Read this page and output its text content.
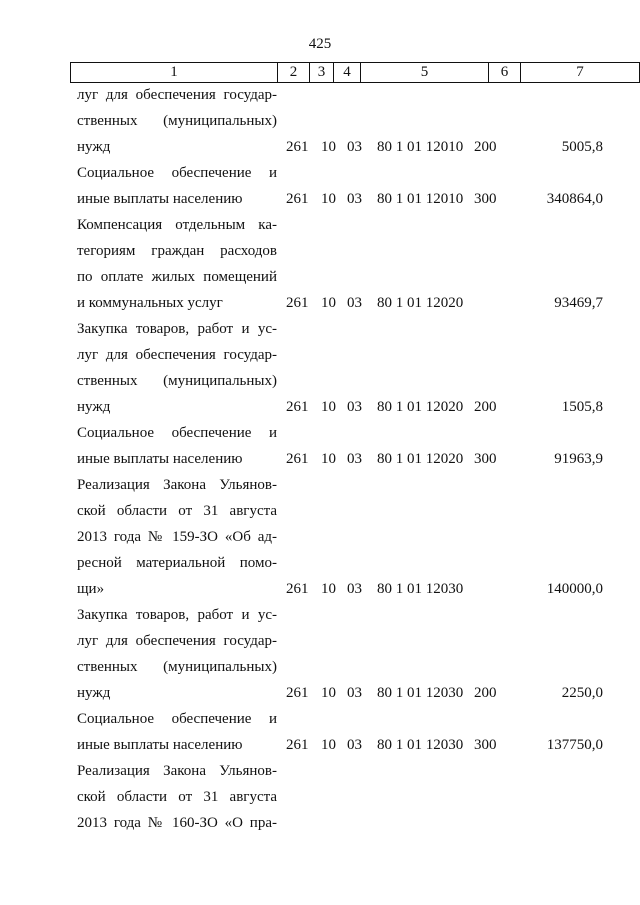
425
1	2	3	4	5	6	7
луг для обеспечения государ-
ственных (муниципальных)
нужд	261 10 03 80 1 01 12010 200	5005,8
Социальное обеспечение и
иные выплаты населению	261 10 03 80 1 01 12010 300	340864,0
Компенсация отдельным ка-
тегориям граждан расходов
по оплате жилых помещений
и коммунальных услуг	261 10 03 80 1 01 12020	93469,7
Закупка товаров, работ и ус-
луг для обеспечения государ-
ственных (муниципальных)
нужд	261 10 03 80 1 01 12020 200	1505,8
Социальное обеспечение и
иные выплаты населению	261 10 03 80 1 01 12020 300	91963,9
Реализация Закона Ульянов-
ской области от 31 августа
2013 года № 159-ЗО «Об ад-
ресной материальной помо-
щи»	261 10 03 80 1 01 12030	140000,0
Закупка товаров, работ и ус-
луг для обеспечения государ-
ственных (муниципальных)
нужд	261 10 03 80 1 01 12030 200	2250,0
Социальное обеспечение и
иные выплаты населению	261 10 03 80 1 01 12030 300	137750,0
Реализация Закона Ульянов-
ской области от 31 августа
2013 года № 160-ЗО «О пра-
